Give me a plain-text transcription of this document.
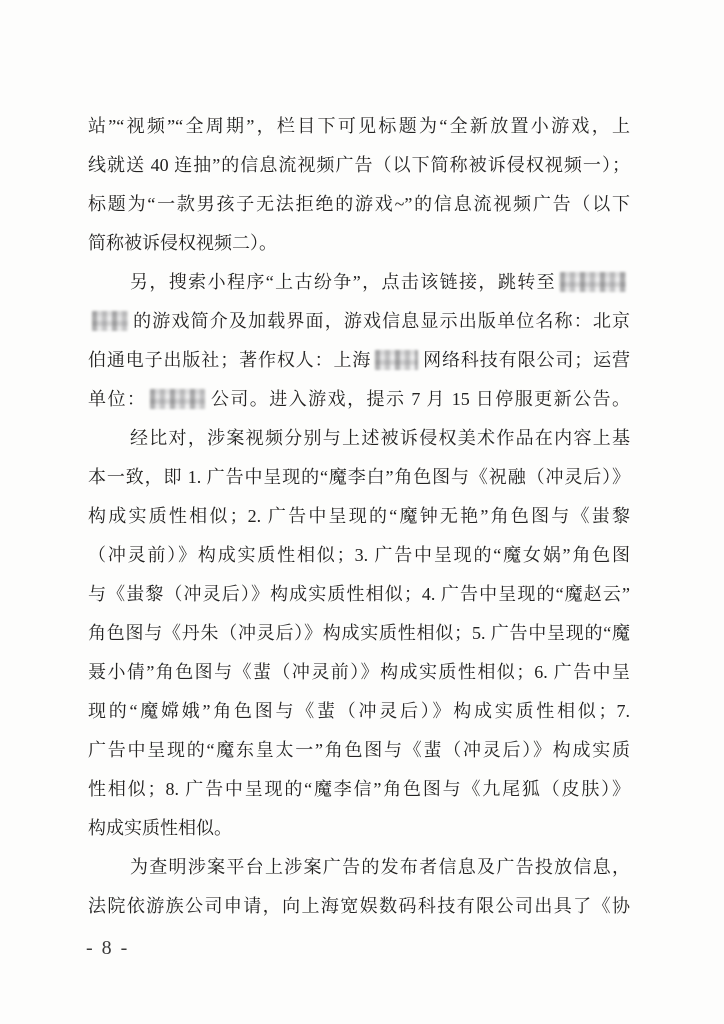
站”“视频”“全周期”，栏目下可见标题为“全新放置小游戏，上
线就送 40 连抽”的信息流视频广告（以下简称被诉侵权视频一）；
标题为“一款男孩子无法拒绝的游戏~”的信息流视频广告（以下
简称被诉侵权视频二）。
另，搜索小程序“上古纷争”，点击该链接，跳转至
的游戏简介及加载界面，游戏信息显示出版单位名称：北京
伯通电子出版社；著作权人：上海	网络科技有限公司；运营
单位：	公司。进入游戏，提示 7 月 15 日停服更新公告。
经比对，涉案视频分别与上述被诉侵权美术作品在内容上基
本一致，即 1. 广告中呈现的“魔李白”角色图与《祝融（冲灵后）》
构成实质性相似；2. 广告中呈现的“魔钟无艳”角色图与《蚩黎
（冲灵前）》构成实质性相似；3. 广告中呈现的“魔女娲”角色图
与《蚩黎（冲灵后）》构成实质性相似；4. 广告中呈现的“魔赵云”
角色图与《丹朱（冲灵后）》构成实质性相似；5. 广告中呈现的“魔
聂小倩”角色图与《蜚（冲灵前）》构成实质性相似；6. 广告中呈
现的“魔嫦娥”角色图与《蜚（冲灵后）》构成实质性相似；7.
广告中呈现的“魔东皇太一”角色图与《蜚（冲灵后）》构成实质
性相似；8. 广告中呈现的“魔李信”角色图与《九尾狐（皮肤）》
构成实质性相似。
为查明涉案平台上涉案广告的发布者信息及广告投放信息，
法院依游族公司申请，向上海宽娱数码科技有限公司出具了《协
- 8 -
